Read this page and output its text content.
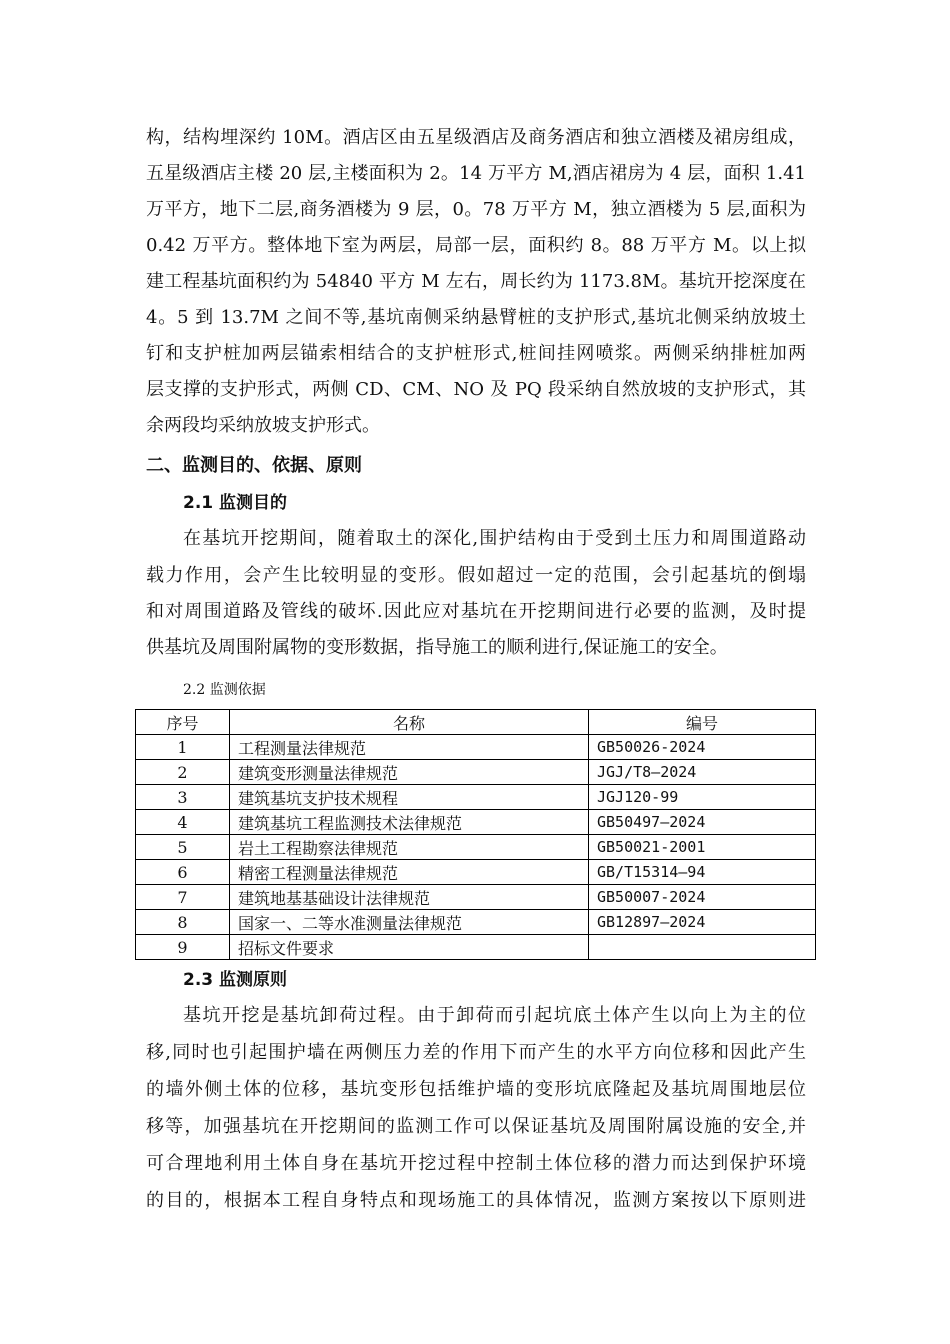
构，结构埋深约 10M。酒店区由五星级酒店及商务酒店和独立酒楼及裙房组成，
五星级酒店主楼 20 层,主楼面积为 2。14 万平方 M,酒店裙房为 4 层，面积 1.41
万平方，地下二层,商务酒楼为 9 层，0。78 万平方 M，独立酒楼为 5 层,面积为
0.42 万平方。整体地下室为两层，局部一层，面积约 8。88 万平方 M。以上拟
建工程基坑面积约为 54840 平方 M 左右，周长约为 1173.8M。基坑开挖深度在
4。5 到 13.7M 之间不等,基坑南侧采纳悬臂桩的支护形式,基坑北侧采纳放坡土
钉和支护桩加两层锚索相结合的支护桩形式,桩间挂网喷浆。两侧采纳排桩加两
层支撑的支护形式，两侧 CD、CM、NO 及 PQ 段采纳自然放坡的支护形式，其
余两段均采纳放坡支护形式。
二、监测目的、依据、原则
2.1 监测目的
在基坑开挖期间，随着取土的深化,围护结构由于受到土压力和周围道路动
载力作用，会产生比较明显的变形。假如超过一定的范围，会引起基坑的倒塌
和对周围道路及管线的破坏.因此应对基坑在开挖期间进行必要的监测，及时提
供基坑及周围附属物的变形数据，指导施工的顺利进行,保证施工的安全。
2.2 监测依据
序号	名称	编号
1	工程测量法律规范	GB50026-2024
2	建筑变形测量法律规范	JGJ/T8—2024
3	建筑基坑支护技术规程	JGJ120-99
4	建筑基坑工程监测技术法律规范	GB50497—2024
5	岩土工程勘察法律规范	GB50021-2001
6	精密工程测量法律规范	GB/T15314—94
7	建筑地基基础设计法律规范	GB50007-2024
8	国家一、二等水准测量法律规范	GB12897—2024
9	招标文件要求	
2.3 监测原则
基坑开挖是基坑卸荷过程。由于卸荷而引起坑底土体产生以向上为主的位
移,同时也引起围护墙在两侧压力差的作用下而产生的水平方向位移和因此产生
的墙外侧土体的位移，基坑变形包括维护墙的变形坑底隆起及基坑周围地层位
移等，加强基坑在开挖期间的监测工作可以保证基坑及周围附属设施的安全,并
可合理地利用土体自身在基坑开挖过程中控制土体位移的潜力而达到保护环境
的目的，根据本工程自身特点和现场施工的具体情况，监测方案按以下原则进
